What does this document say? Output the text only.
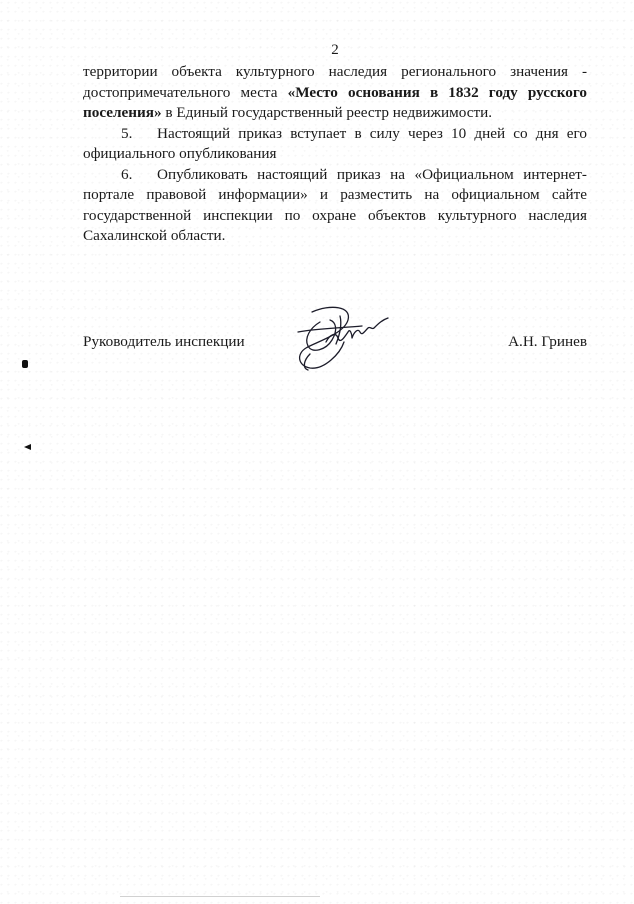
2

территории объекта культурного наследия регионального значения - достопримечательного места «Место основания в 1832 году русского поселения» в Единый государственный реестр недвижимости.

5. Настоящий приказ вступает в силу через 10 дней со дня его официального опубликования

6. Опубликовать настоящий приказ на «Официальном интернет-портале правовой информации» и разместить на официальном сайте государственной инспекции по охране объектов культурного наследия Сахалинской области.

Руководитель инспекции	А.Н. Гринев
